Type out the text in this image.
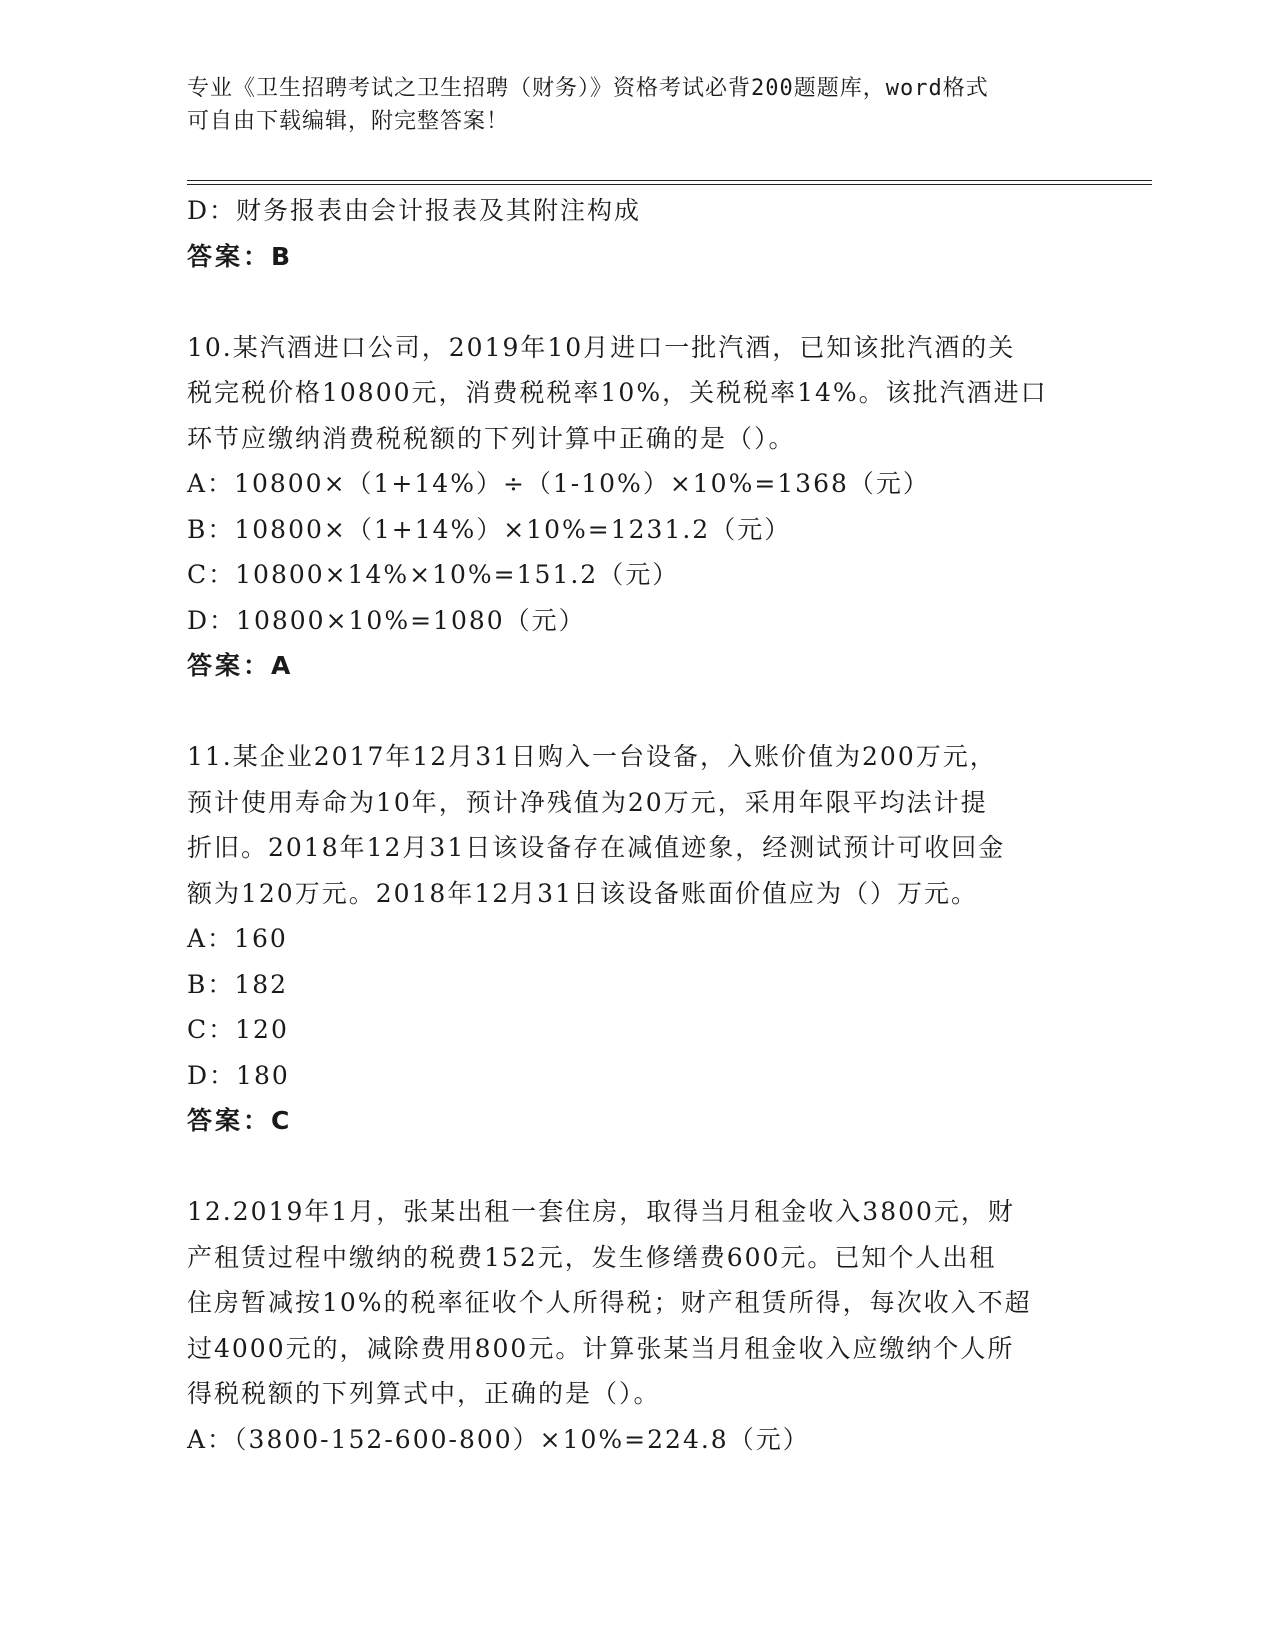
专业《卫生招聘考试之卫生招聘（财务）》资格考试必背200题题库，word格式
可自由下载编辑，附完整答案！
D：财务报表由会计报表及其附注构成
答案：B
10.某汽酒进口公司，2019年10月进口一批汽酒，已知该批汽酒的关
税完税价格10800元，消费税税率10%，关税税率14%。该批汽酒进口
环节应缴纳消费税税额的下列计算中正确的是（）。
A：10800×（1+14%）÷（1-10%）×10%=1368（元）
B：10800×（1+14%）×10%=1231.2（元）
C：10800×14%×10%=151.2（元）
D：10800×10%=1080（元）
答案：A
11.某企业2017年12月31日购入一台设备，入账价值为200万元，
预计使用寿命为10年，预计净残值为20万元，采用年限平均法计提
折旧。2018年12月31日该设备存在减值迹象，经测试预计可收回金
额为120万元。2018年12月31日该设备账面价值应为（）万元。
A：160
B：182
C：120
D：180
答案：C
12.2019年1月，张某出租一套住房，取得当月租金收入3800元，财
产租赁过程中缴纳的税费152元，发生修缮费600元。已知个人出租
住房暂减按10%的税率征收个人所得税；财产租赁所得，每次收入不超
过4000元的，减除费用800元。计算张某当月租金收入应缴纳个人所
得税税额的下列算式中，正确的是（）。
A：（3800-152-600-800）×10%=224.8（元）
